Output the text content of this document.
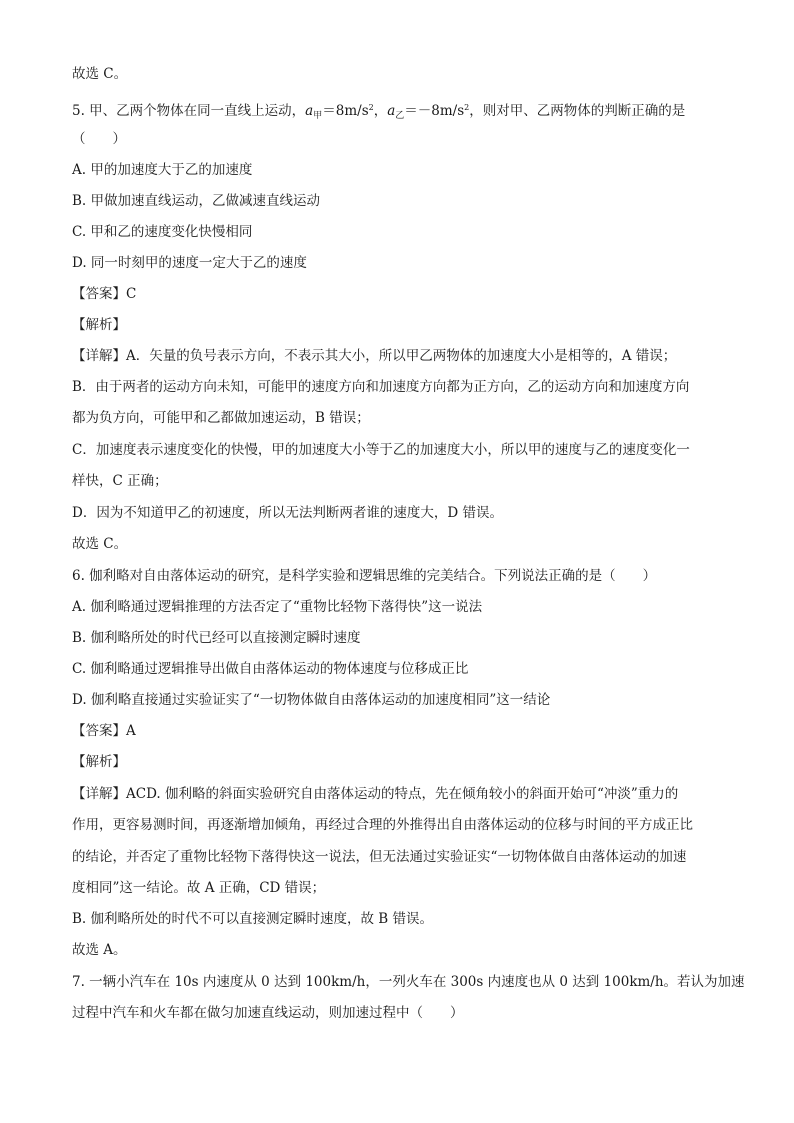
故选 C。
5. 甲、乙两个物体在同一直线上运动，$a_甲=8m/s^2$，$a_乙=-8m/s^2$，则对甲、乙两物体的判断正确的是
（　　）
A. 甲的加速度大于乙的加速度
B. 甲做加速直线运动，乙做减速直线运动
C. 甲和乙的速度变化快慢相同
D. 同一时刻甲的速度一定大于乙的速度
【答案】C
【解析】
【详解】A．矢量的负号表示方向，不表示其大小，所以甲乙两物体的加速度大小是相等的，A 错误；
B．由于两者的运动方向未知，可能甲的速度方向和加速度方向都为正方向，乙的运动方向和加速度方向
都为负方向，可能甲和乙都做加速运动，B 错误；
C．加速度表示速度变化的快慢，甲的加速度大小等于乙的加速度大小，所以甲的速度与乙的速度变化一
样快，C 正确；
D．因为不知道甲乙的初速度，所以无法判断两者谁的速度大，D 错误。
故选 C。
6. 伽利略对自由落体运动的研究，是科学实验和逻辑思维的完美结合。下列说法正确的是（　　）
A. 伽利略通过逻辑推理的方法否定了“重物比轻物下落得快”这一说法
B. 伽利略所处的时代已经可以直接测定瞬时速度
C. 伽利略通过逻辑推导出做自由落体运动的物体速度与位移成正比
D. 伽利略直接通过实验证实了“一切物体做自由落体运动的加速度相同”这一结论
【答案】A
【解析】
【详解】ACD. 伽利略的斜面实验研究自由落体运动的特点，先在倾角较小的斜面开始可“冲淡”重力的
作用，更容易测时间，再逐渐增加倾角，再经过合理的外推得出自由落体运动的位移与时间的平方成正比
的结论，并否定了重物比轻物下落得快这一说法，但无法通过实验证实“一切物体做自由落体运动的加速
度相同”这一结论。故 A 正确，CD 错误；
B. 伽利略所处的时代不可以直接测定瞬时速度，故 B 错误。
故选 A。
7. 一辆小汽车在 10s 内速度从 0 达到 100km/h，一列火车在 300s 内速度也从 0 达到 100km/h。若认为加速
过程中汽车和火车都在做匀加速直线运动，则加速过程中（　　）
